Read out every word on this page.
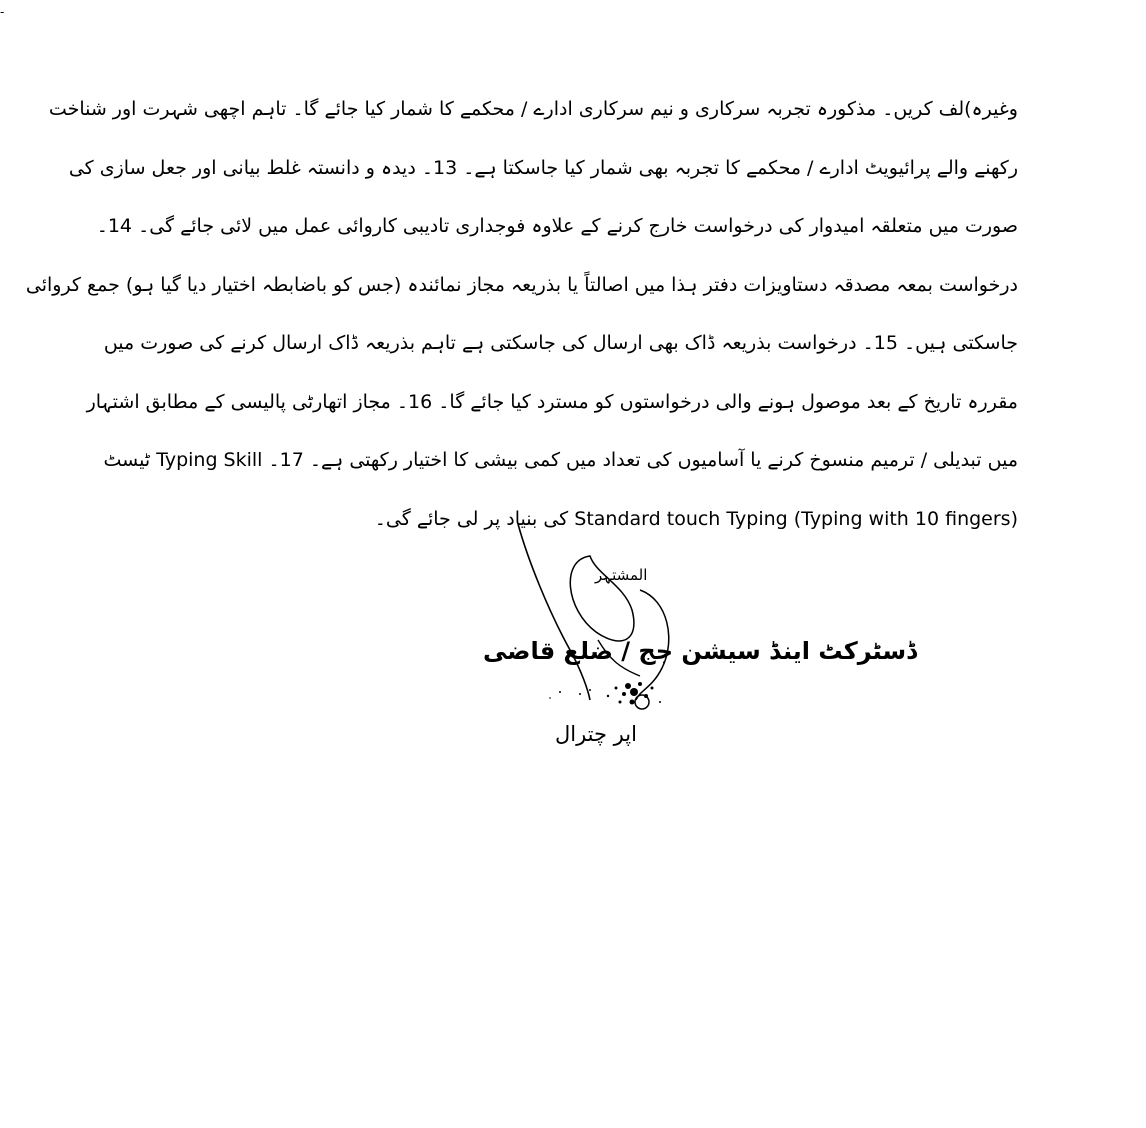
-
وغیرہ)لف کریں۔ مذکورہ تجربہ سرکاری و نیم سرکاری ادارے / محکمے کا شمار کیا جائے گا۔ تاہم اچھی شہرت اور شناخت
رکھنے والے پرائیویٹ ادارے / محکمے کا تجربہ بھی شمار کیا جاسکتا ہے۔ 13۔ دیدہ و دانستہ غلط بیانی اور جعل سازی کی
صورت میں متعلقہ امیدوار کی درخواست خارج کرنے کے علاوہ فوجداری تادیبی کاروائی عمل میں لائی جائے گی۔ 14۔
درخواست بمعہ مصدقہ دستاویزات دفتر ہذا میں اصالتاً یا بذریعہ مجاز نمائندہ (جس کو باضابطہ اختیار دیا گیا ہو) جمع کروائی
جاسکتی ہیں۔ 15۔ درخواست بذریعہ ڈاک بھی ارسال کی جاسکتی ہے تاہم بذریعہ ڈاک ارسال کرنے کی صورت میں
مقررہ تاریخ کے بعد موصول ہونے والی درخواستوں کو مسترد کیا جائے گا۔ 16۔ مجاز اتھارٹی پالیسی کے مطابق اشتہار
میں تبدیلی / ترمیم منسوخ کرنے یا آسامیوں کی تعداد میں کمی بیشی کا اختیار رکھتی ہے۔ 17۔ Typing Skill ٹیسٹ
Standard touch Typing (Typing with 10 fingers) کی بنیاد پر لی جائے گی۔
المشتہر
ڈسٹرکٹ اینڈ سیشن جج / ضلع قاضی
اپر چترال
